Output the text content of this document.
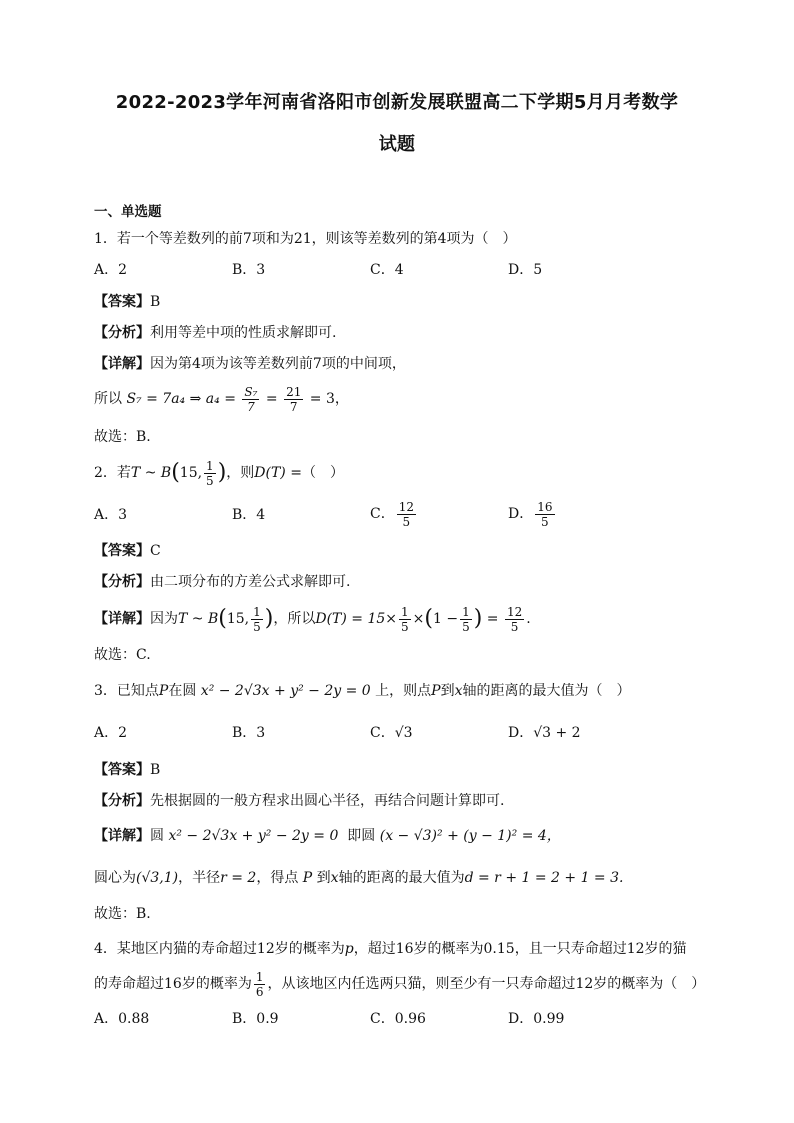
2022-2023学年河南省洛阳市创新发展联盟高二下学期5月月考数学
试题
一、单选题
1．若一个等差数列的前7项和为21，则该等差数列的第4项为（　）
A．2	B．3	C．4	D．5
【答案】B
【分析】利用等差中项的性质求解即可.
【详解】因为第4项为该等差数列前7项的中间项，
所以 S₇ = 7a₄ ⇒ $a_4 = \frac{\text{S₇}}{7} = \frac{21}{7} = 3$，
故选：B.
2．若T ~ B(15, $\frac{1}{5}$ )，则D(T) =（　）
A．3	B．4	C． $\frac{12}{5}$	D． $\frac{16}{5}$
【答案】C
【分析】由二项分布的方差公式求解即可.
【详解】因为T ~ B(15, $\frac{1}{5}$ )，所以$D(T) = 15\times \frac{1}{5} \times(1 - \frac{1}{5}$ ) = $\frac{12}{5}$ .
故选：C.
3．已知点P在圆 x² − 2√3x + y² − 2y = 0 上，则点P到x轴的距离的最大值为（　）
A．2	B．3	C．√3	D．√3 + 2
【答案】B
【分析】先根据圆的一般方程求出圆心半径，再结合问题计算即可.
【详解】圆 x² − 2√3x + y² − 2y = 0 即圆 (x − √3)² + (y − 1)² = 4，
圆心为(√3,1)，半径r = 2，得点 P 到x轴的距离的最大值为d = r + 1 = 2 + 1 = 3.
故选：B.
4．某地区内猫的寿命超过12岁的概率为p，超过16岁的概率为0.15，且一只寿命超过12岁的猫
的寿命超过16岁的概率为 $\frac{1}{6}$ ，从该地区内任选两只猫，则至少有一只寿命超过12岁的概率为（　）
A．0.88	B．0.9	C．0.96	D．0.99
